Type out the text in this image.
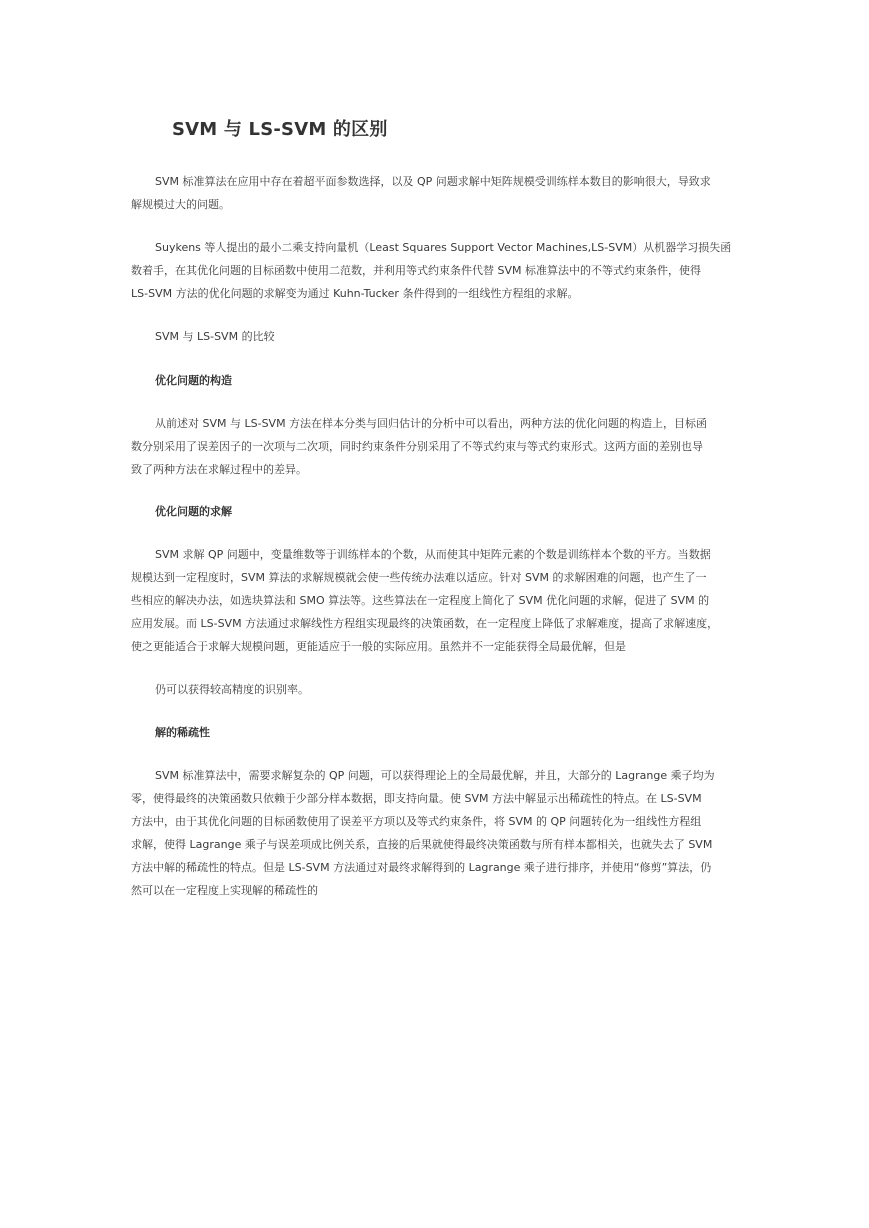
SVM 与 LS-SVM 的区别
SVM 标准算法在应用中存在着超平面参数选择，以及 QP 问题求解中矩阵规模受训练样本数目的影响很大，导致求
解规模过大的问题。
Suykens 等人提出的最小二乘支持向量机（Least Squares Support Vector Machines,LS-SVM）从机器学习损失函
数着手，在其优化问题的目标函数中使用二范数，并利用等式约束条件代替 SVM 标准算法中的不等式约束条件，使得
LS-SVM 方法的优化问题的求解变为通过 Kuhn-Tucker 条件得到的一组线性方程组的求解。
SVM 与 LS-SVM 的比较
优化问题的构造
从前述对 SVM 与 LS-SVM 方法在样本分类与回归估计的分析中可以看出，两种方法的优化问题的构造上，目标函
数分别采用了误差因子的一次项与二次项，同时约束条件分别采用了不等式约束与等式约束形式。这两方面的差别也导
致了两种方法在求解过程中的差异。
优化问题的求解
SVM 求解 QP 问题中，变量维数等于训练样本的个数，从而使其中矩阵元素的个数是训练样本个数的平方。当数据
规模达到一定程度时，SVM 算法的求解规模就会使一些传统办法难以适应。针对 SVM 的求解困难的问题，也产生了一
些相应的解决办法，如选块算法和 SMO 算法等。这些算法在一定程度上简化了 SVM 优化问题的求解，促进了 SVM 的
应用发展。而 LS-SVM 方法通过求解线性方程组实现最终的决策函数，在一定程度上降低了求解难度，提高了求解速度，
使之更能适合于求解大规模问题，更能适应于一般的实际应用。虽然并不一定能获得全局最优解，但是
仍可以获得较高精度的识别率。
解的稀疏性
SVM 标准算法中，需要求解复杂的 QP 问题，可以获得理论上的全局最优解，并且，大部分的 Lagrange 乘子均为
零，使得最终的决策函数只依赖于少部分样本数据，即支持向量。使 SVM 方法中解显示出稀疏性的特点。在 LS-SVM
方法中，由于其优化问题的目标函数使用了误差平方项以及等式约束条件，将 SVM 的 QP 问题转化为一组线性方程组
求解，使得 Lagrange 乘子与误差项成比例关系，直接的后果就使得最终决策函数与所有样本都相关，也就失去了 SVM
方法中解的稀疏性的特点。但是 LS-SVM 方法通过对最终求解得到的 Lagrange 乘子进行排序，并使用“修剪”算法，仍
然可以在一定程度上实现解的稀疏性的
